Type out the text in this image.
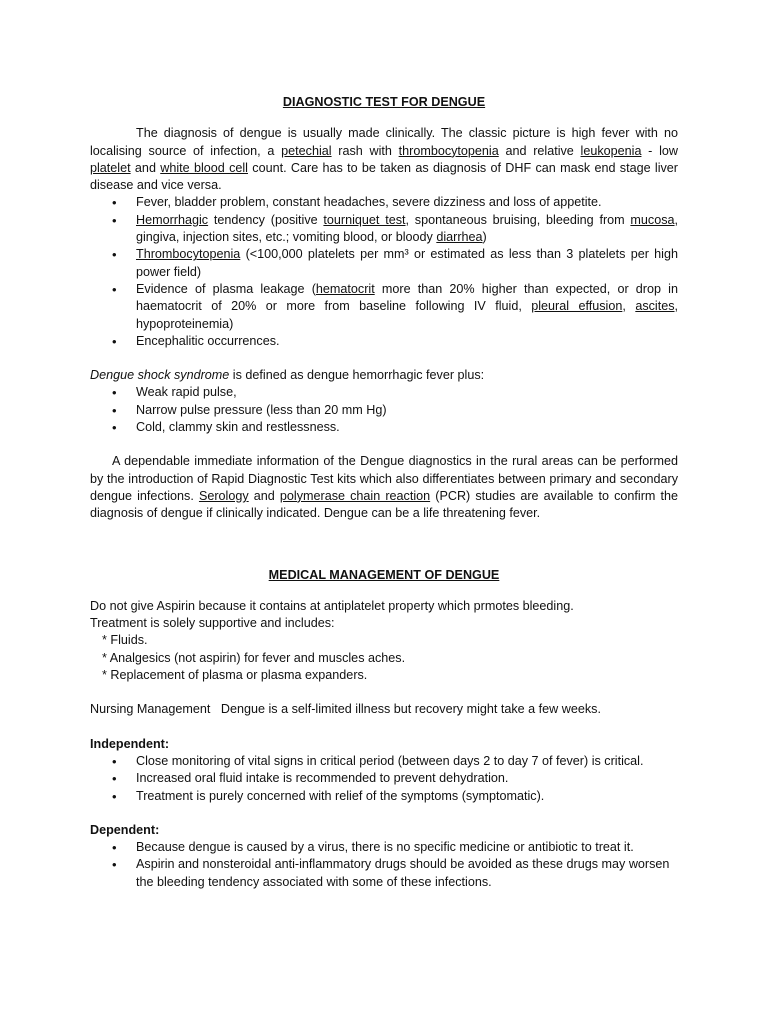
DIAGNOSTIC TEST FOR DENGUE

The diagnosis of dengue is usually made clinically. The classic picture is high fever with no localising source of infection, a petechial rash with thrombocytopenia and relative leukopenia - low platelet and white blood cell count. Care has to be taken as diagnosis of DHF can mask end stage liver disease and vice versa.

• Fever, bladder problem, constant headaches, severe dizziness and loss of appetite.
• Hemorrhagic tendency (positive tourniquet test, spontaneous bruising, bleeding from mucosa, gingiva, injection sites, etc.; vomiting blood, or bloody diarrhea)
• Thrombocytopenia (<100,000 platelets per mm³ or estimated as less than 3 platelets per high power field)
• Evidence of plasma leakage (hematocrit more than 20% higher than expected, or drop in haematocrit of 20% or more from baseline following IV fluid, pleural effusion, ascites, hypoproteinemia)
• Encephalitic occurrences.

Dengue shock syndrome is defined as dengue hemorrhagic fever plus:

• Weak rapid pulse,
• Narrow pulse pressure (less than 20 mm Hg)
• Cold, clammy skin and restlessness.

A dependable immediate information of the Dengue diagnostics in the rural areas can be performed by the introduction of Rapid Diagnostic Test kits which also differentiates between primary and secondary dengue infections. Serology and polymerase chain reaction (PCR) studies are available to confirm the diagnosis of dengue if clinically indicated. Dengue can be a life threatening fever.

MEDICAL MANAGEMENT OF DENGUE

Do not give Aspirin because it contains at antiplatelet property which prmotes bleeding.

Treatment is solely supportive and includes:

* Fluids.
* Analgesics (not aspirin) for fever and muscles aches.
* Replacement of plasma or plasma expanders.

Nursing Management   Dengue is a self-limited illness but recovery might take a few weeks.

Independent:

• Close monitoring of vital signs in critical period (between days 2 to day 7 of fever) is critical.
• Increased oral fluid intake is recommended to prevent dehydration.
• Treatment is purely concerned with relief of the symptoms (symptomatic).

Dependent:

• Because dengue is caused by a virus, there is no specific medicine or antibiotic to treat it.
• Aspirin and nonsteroidal anti-inflammatory drugs should be avoided as these drugs may worsen the bleeding tendency associated with some of these infections.
